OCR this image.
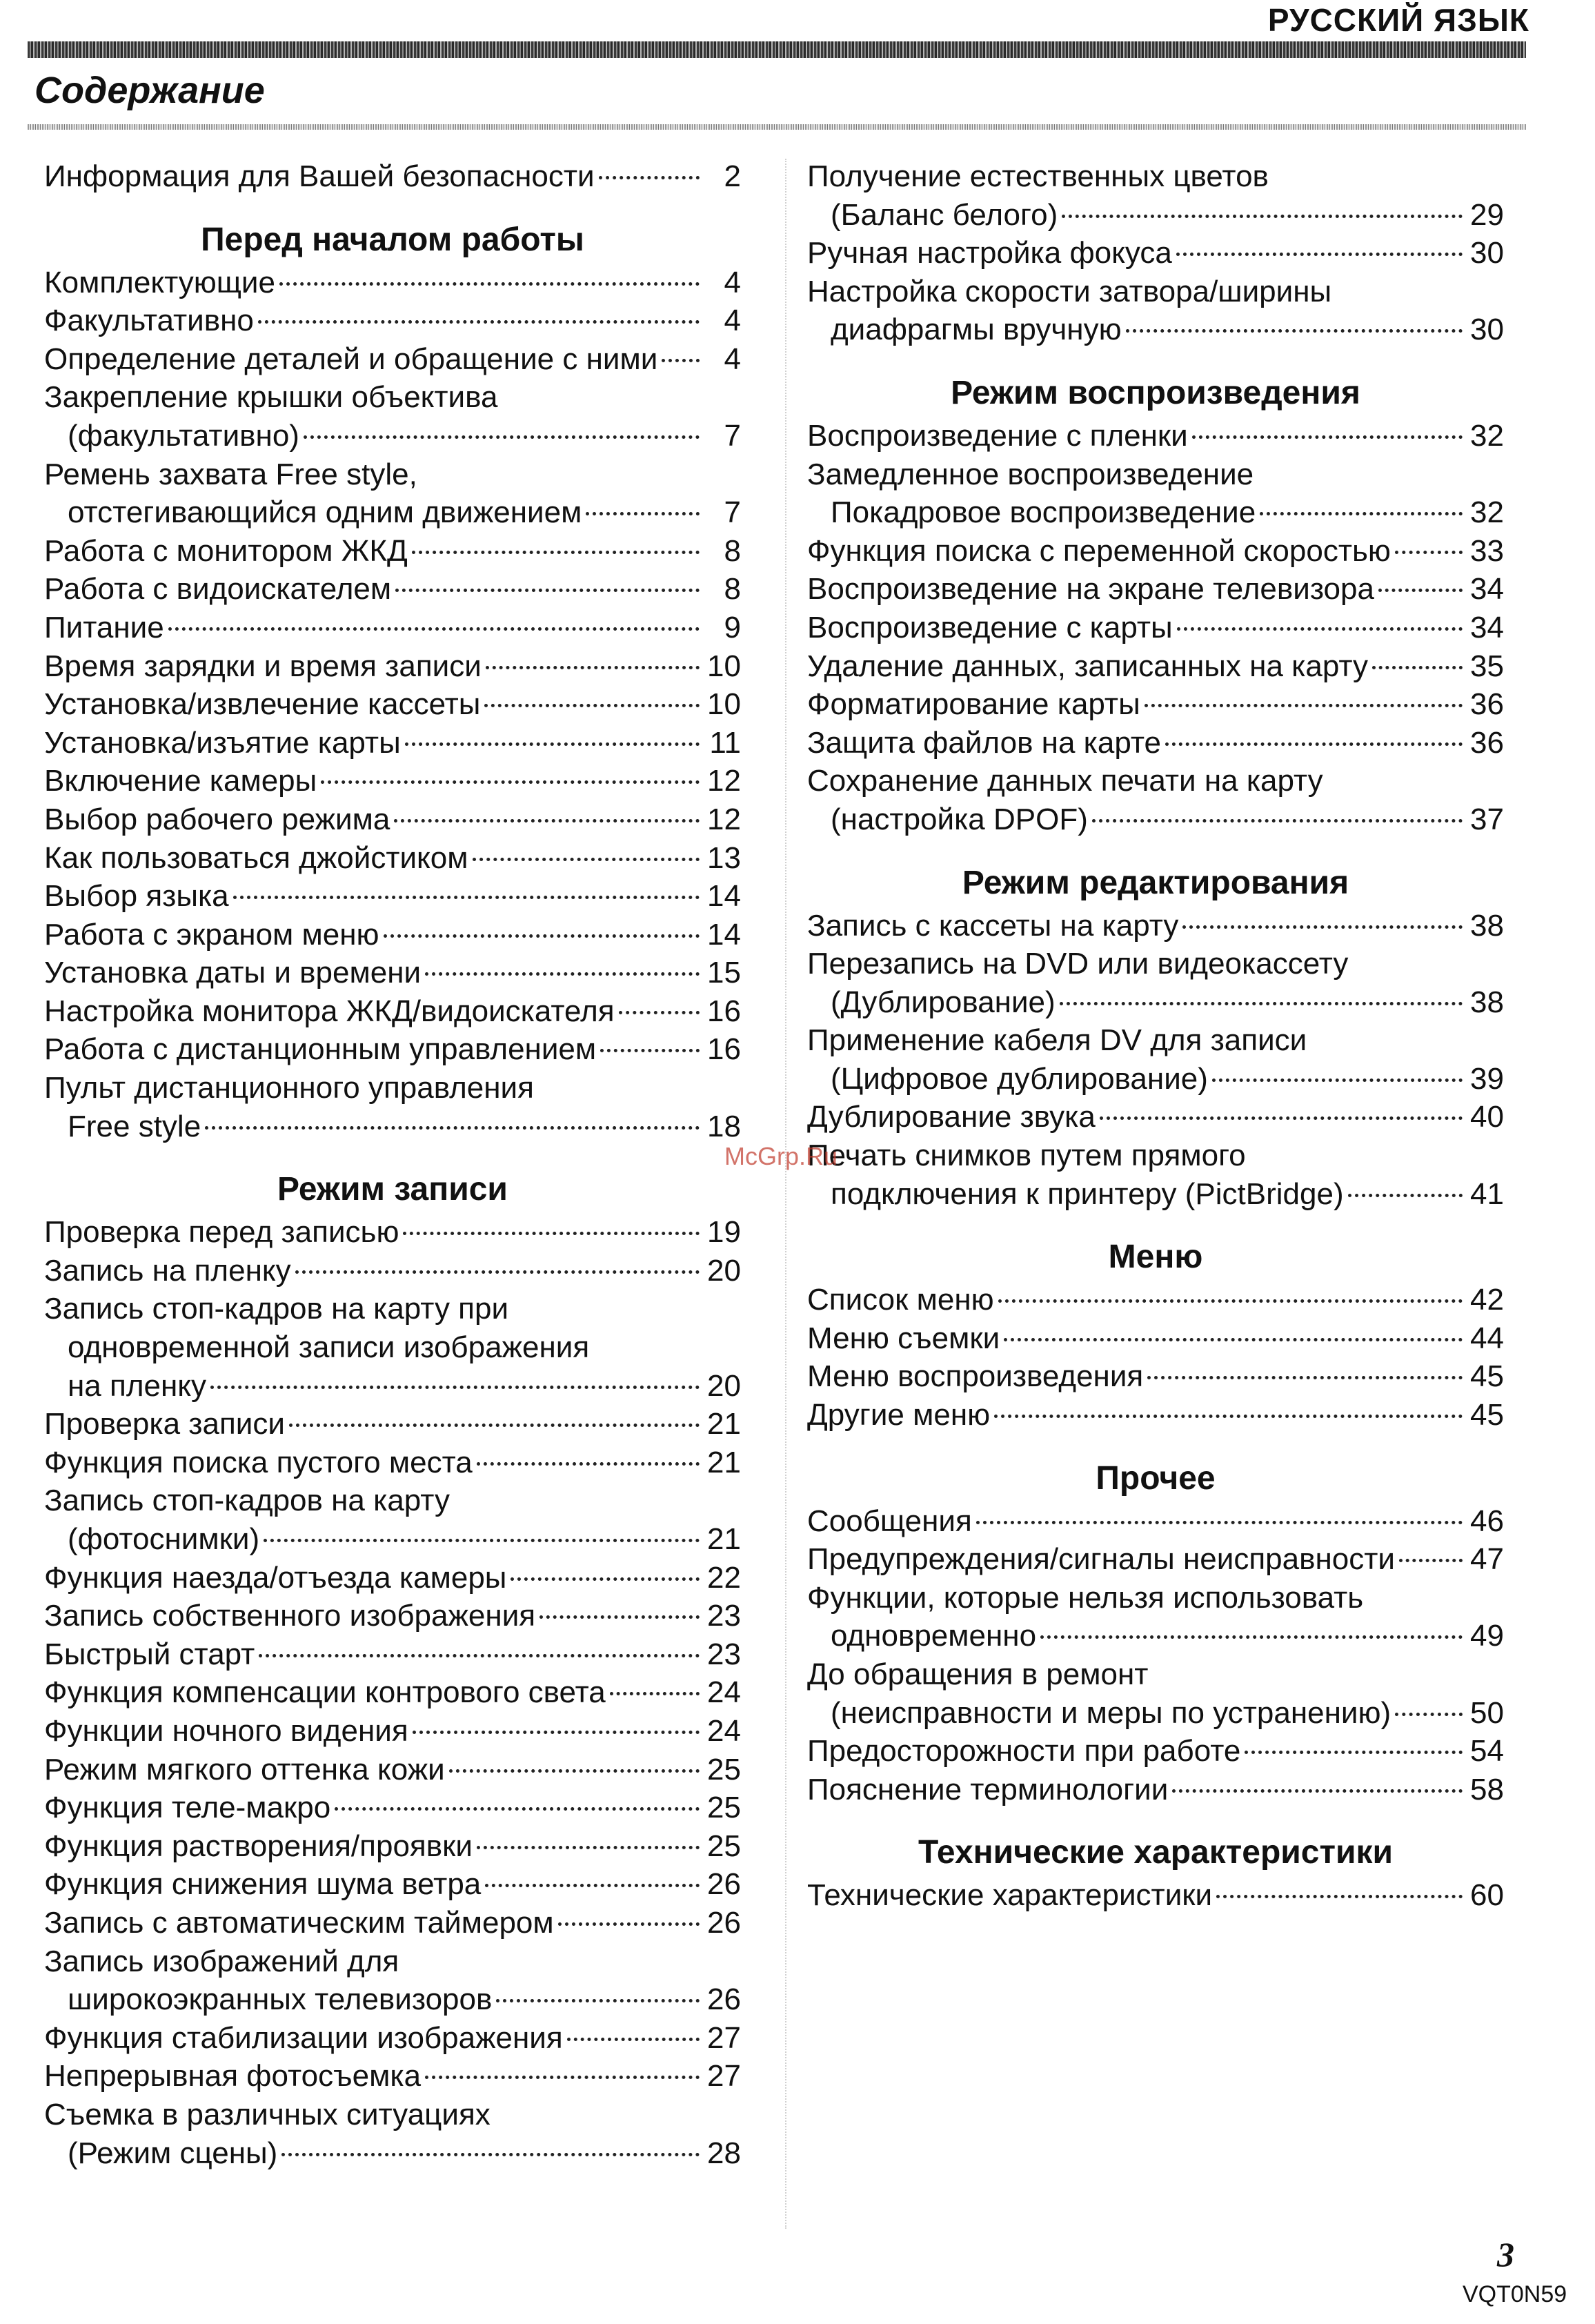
РУССКИЙ ЯЗЫК
Содержание
Информация для Вашей безопасности	2
Перед началом работы
Комплектующие	4
Факультативно	4
Определение деталей и обращение с ними	4
Закрепление крышки объектива
(факультативно)	7
Ремень захвата Free style,
отстегивающийся одним движением	7
Работа с монитором ЖКД	8
Работа с видоискателем	8
Питание	9
Время зарядки и время записи	10
Установка/извлечение кассеты	10
Установка/изъятие карты	11
Включение камеры	12
Выбор рабочего режима	12
Как пользоваться джойстиком	13
Выбор языка	14
Работа с экраном меню	14
Установка даты и времени	15
Настройка монитора ЖКД/видоискателя	16
Работа с дистанционным управлением	16
Пульт дистанционного управления
Free style	18
Режим записи
Проверка перед записью	19
Запись на пленку	20
Запись стоп-кадров на карту при
одновременной записи изображения
на пленку	20
Проверка записи	21
Функция поиска пустого места	21
Запись стоп-кадров на карту
(фотоснимки)	21
Функция наезда/отъезда камеры	22
Запись собственного изображения	23
Быстрый старт	23
Функция компенсации контрового света	24
Функции ночного видения	24
Режим мягкого оттенка кожи	25
Функция теле-макро	25
Функция растворения/проявки	25
Функция снижения шума ветра	26
Запись с автоматическим таймером	26
Запись изображений для
широкоэкранных телевизоров	26
Функция стабилизации изображения	27
Непрерывная фотосъемка	27
Съемка в различных ситуациях
(Режим сцены)	28
Получение естественных цветов
(Баланс белого)	29
Ручная настройка фокуса	30
Настройка скорости затвора/ширины
диафрагмы вручную	30
Режим воспроизведения
Воспроизведение с пленки	32
Замедленное воспроизведение
Покадровое воспроизведение	32
Функция поиска с переменной скоростью	33
Воспроизведение на экране телевизора	34
Воспроизведение с карты	34
Удаление данных, записанных на карту	35
Форматирование карты	36
Защита файлов на карте	36
Сохранение данных печати на карту
(настройка DPOF)	37
Режим редактирования
Запись с кассеты на карту	38
Перезапись на DVD или видеокассету
(Дублирование)	38
Применение кабеля DV для записи
(Цифровое дублирование)	39
Дублирование звука	40
Печать снимков путем прямого
подключения к принтеру (PictBridge)	41
Меню
Список меню	42
Меню съемки	44
Меню воспроизведения	45
Другие меню	45
Прочее
Сообщения	46
Предупреждения/сигналы неисправности 47
Функции, которые нельзя использовать
одновременно	49
До обращения в ремонт
(неисправности и меры по устранению)	50
Предосторожности при работе	54
Пояснение терминологии	58
Технические характеристики
Технические характеристики	60
McGrp.Ru
3
VQT0N59
